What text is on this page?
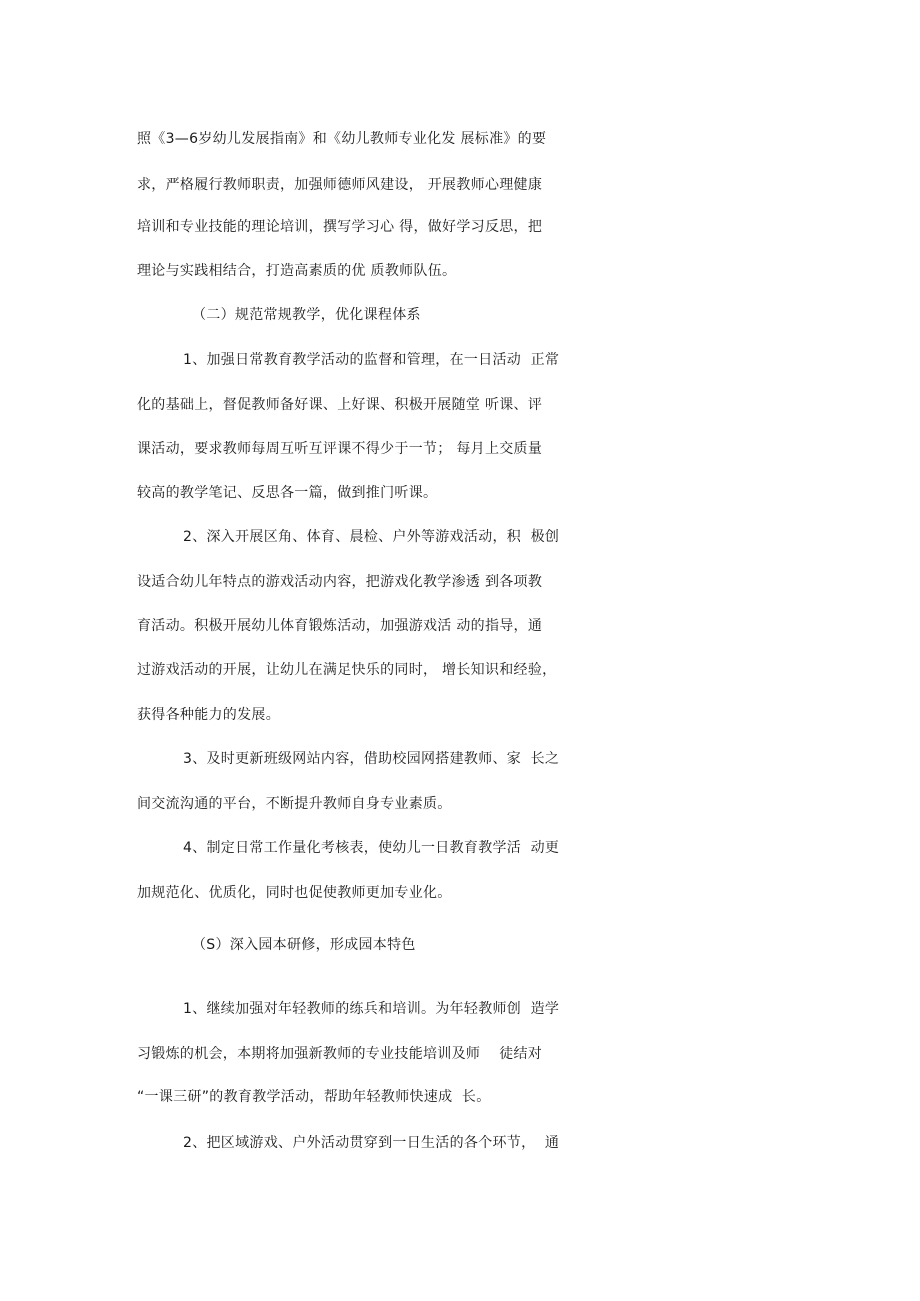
照《3—6岁幼儿发展指南》和《幼儿教师专业化发 展标准》的要
求，严格履行教师职责，加强师德师风建设， 开展教师心理健康
培训和专业技能的理论培训，撰写学习心 得，做好学习反思，把
理论与实践相结合，打造高素质的优 质教师队伍。
（二）规范常规教学，优化课程体系
1、加强日常教育教学活动的监督和管理，在一日活动  正常
化的基础上，督促教师备好课、上好课、积极开展随堂 听课、评
课活动，要求教师每周互听互评课不得少于一节； 每月上交质量
较高的教学笔记、反思各一篇，做到推门听课。
2、深入开展区角、体育、晨检、户外等游戏活动，积  极创
设适合幼儿年特点的游戏活动内容，把游戏化教学渗透 到各项教
育活动。积极开展幼儿体育锻炼活动，加强游戏活 动的指导，通
过游戏活动的开展，让幼儿在满足快乐的同时， 增长知识和经验，
获得各种能力的发展。
3、及时更新班级网站内容，借助校园网搭建教师、家  长之
间交流沟通的平台，不断提升教师自身专业素质。
4、制定日常工作量化考核表，使幼儿一日教育教学活  动更
加规范化、优质化，同时也促使教师更加专业化。
（S）深入园本研修，形成园本特色
1、继续加强对年轻教师的练兵和培训。为年轻教师创  造学
习锻炼的机会，本期将加强新教师的专业技能培训及师    徒结对
“一课三研”的教育教学活动，帮助年轻教师快速成  长。
2、把区域游戏、户外活动贯穿到一日生活的各个环节，  通
